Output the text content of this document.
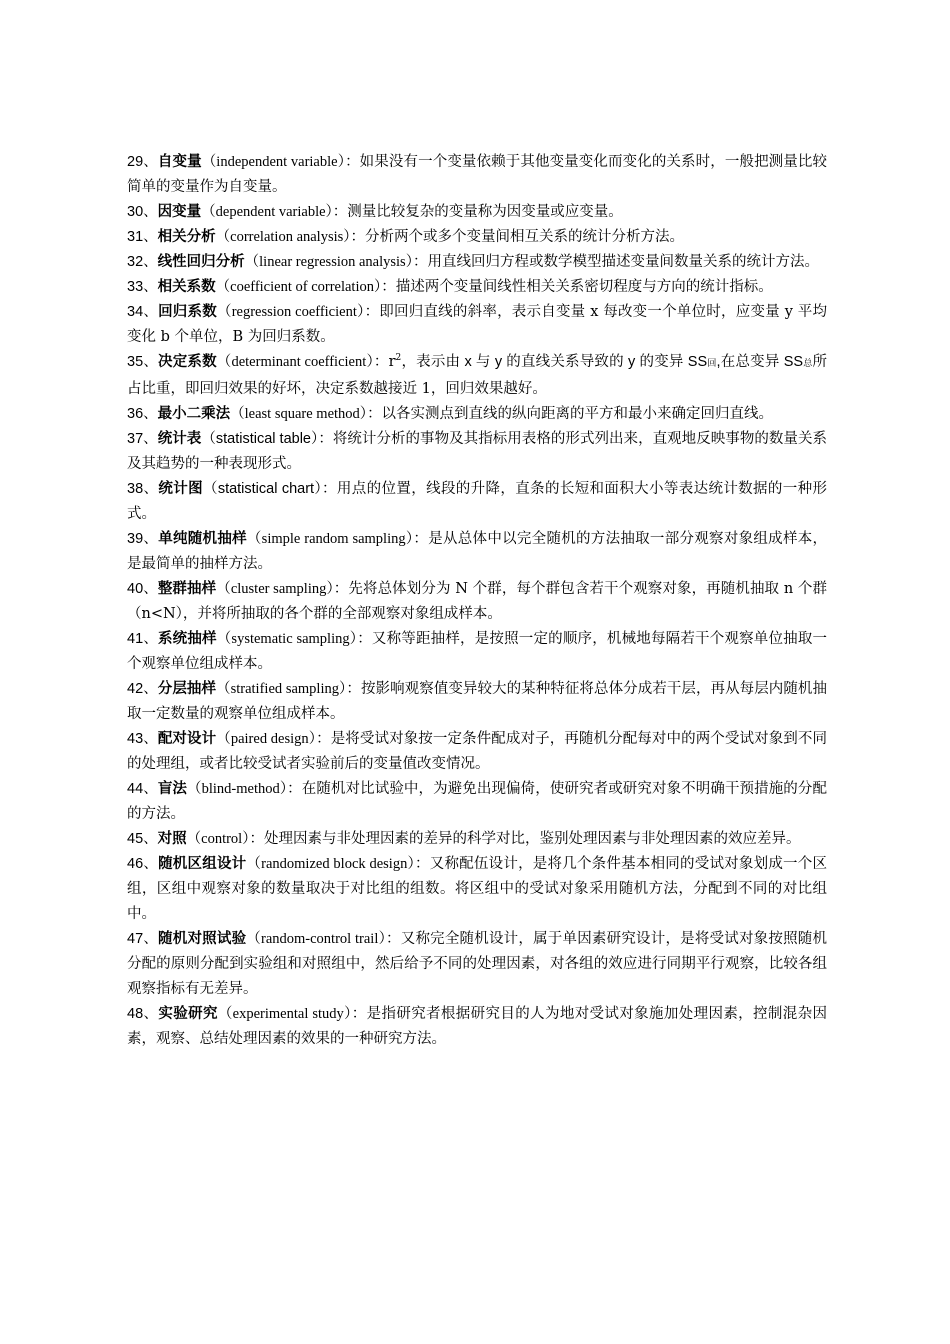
29、自变量（independent variable）：如果没有一个变量依赖于其他变量变化而变化的关系时，一般把测量比较简单的变量作为自变量。

30、因变量（dependent variable）：测量比较复杂的变量称为因变量或应变量。

31、相关分析（correlation analysis）：分析两个或多个变量间相互关系的统计分析方法。

32、线性回归分析（linear regression analysis）：用直线回归方程或数学模型描述变量间数量关系的统计方法。

33、相关系数（coefficient of correlation）：描述两个变量间线性相关关系密切程度与方向的统计指标。

34、回归系数（regression coefficient）：即回归直线的斜率，表示自变量 x 每改变一个单位时，应变量 y 平均变化 b 个单位，B 为回归系数。

35、决定系数（determinant coefficient）：$r^2$，表示由 x 与 y 的直线关系导致的 y 的变异 SS回,在总变异 SS总所占比重，即回归效果的好坏，决定系数越接近 1，回归效果越好。

36、最小二乘法（least square method）：以各实测点到直线的纵向距离的平方和最小来确定回归直线。

37、统计表（statistical table）：将统计分析的事物及其指标用表格的形式列出来，直观地反映事物的数量关系及其趋势的一种表现形式。

38、统计图（statistical chart）：用点的位置，线段的升降，直条的长短和面积大小等表达统计数据的一种形式。

39、单纯随机抽样（simple random sampling）：是从总体中以完全随机的方法抽取一部分观察对象组成样本，是最简单的抽样方法。

40、整群抽样（cluster sampling）：先将总体划分为 N 个群，每个群包含若干个观察对象，再随机抽取 n 个群（n<N），并将所抽取的各个群的全部观察对象组成样本。

41、系统抽样（systematic sampling）：又称等距抽样，是按照一定的顺序，机械地每隔若干个观察单位抽取一个观察单位组成样本。

42、分层抽样（stratified sampling）：按影响观察值变异较大的某种特征将总体分成若干层，再从每层内随机抽取一定数量的观察单位组成样本。

43、配对设计（paired design）：是将受试对象按一定条件配成对子，再随机分配每对中的两个受试对象到不同的处理组，或者比较受试者实验前后的变量值改变情况。

44、盲法（blind-method）：在随机对比试验中，为避免出现偏倚，使研究者或研究对象不明确干预措施的分配的方法。

45、对照（control）：处理因素与非处理因素的差异的科学对比，鉴别处理因素与非处理因素的效应差异。

46、随机区组设计（randomized block design）：又称配伍设计，是将几个条件基本相同的受试对象划成一个区组，区组中观察对象的数量取决于对比组的组数。将区组中的受试对象采用随机方法，分配到不同的对比组中。

47、随机对照试验（random-control trail）：又称完全随机设计，属于单因素研究设计，是将受试对象按照随机分配的原则分配到实验组和对照组中，然后给予不同的处理因素，对各组的效应进行同期平行观察，比较各组观察指标有无差异。

48、实验研究（experimental study）：是指研究者根据研究目的人为地对受试对象施加处理因素，控制混杂因素，观察、总结处理因素的效果的一种研究方法。
